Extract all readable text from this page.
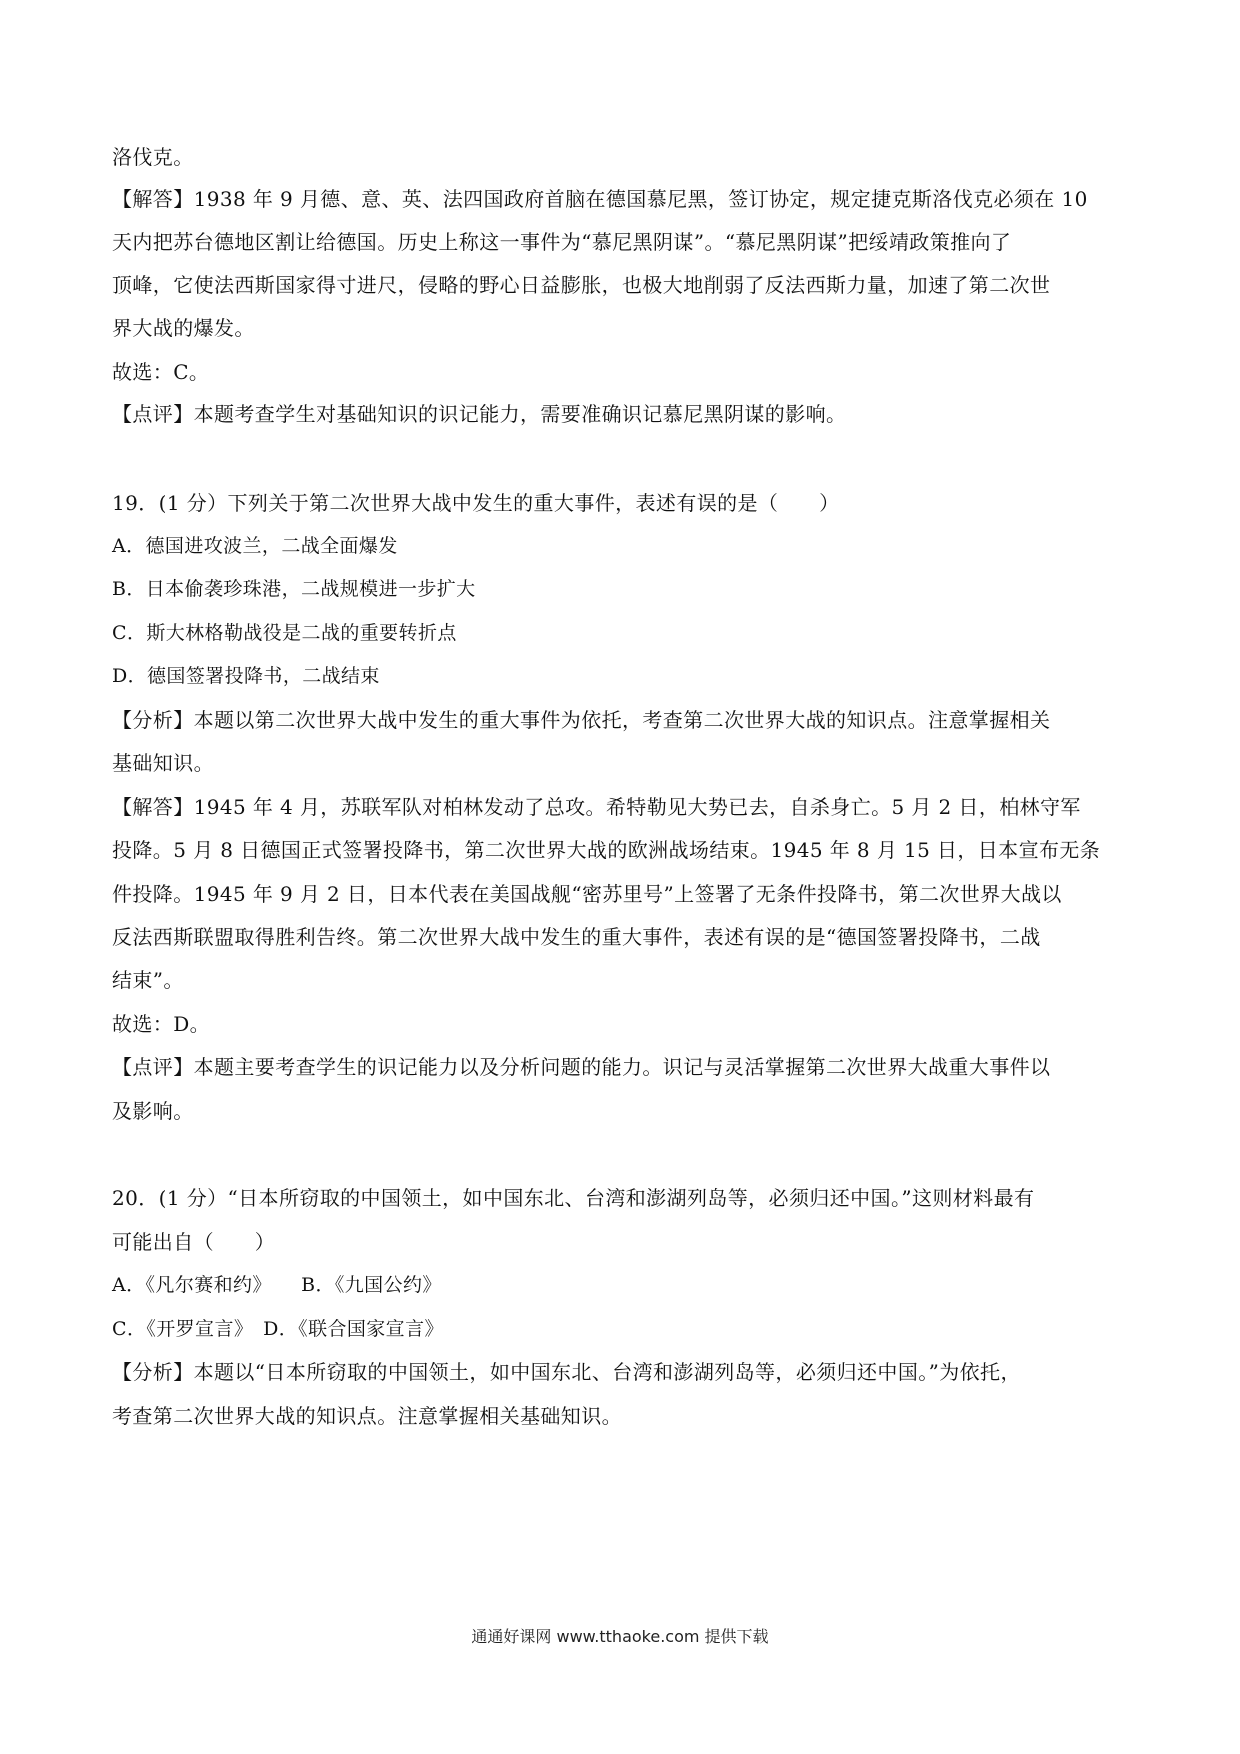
洛伐克。
【解答】1938 年 9 月德、意、英、法四国政府首脑在德国慕尼黑，签订协定，规定捷克斯洛伐克必须在 10
天内把苏台德地区割让给德国。历史上称这一事件为“慕尼黑阴谋”。“慕尼黑阴谋”把绥靖政策推向了
顶峰，它使法西斯国家得寸进尺，侵略的野心日益膨胀，也极大地削弱了反法西斯力量，加速了第二次世
界大战的爆发。
故选：C。
【点评】本题考查学生对基础知识的识记能力，需要准确识记慕尼黑阴谋的影响。
19．(1 分）下列关于第二次世界大战中发生的重大事件，表述有误的是（　　）
A．德国进攻波兰，二战全面爆发
B．日本偷袭珍珠港，二战规模进一步扩大
C．斯大林格勒战役是二战的重要转折点
D．德国签署投降书，二战结束
【分析】本题以第二次世界大战中发生的重大事件为依托，考查第二次世界大战的知识点。注意掌握相关
基础知识。
【解答】1945 年 4 月，苏联军队对柏林发动了总攻。希特勒见大势已去，自杀身亡。5 月 2 日，柏林守军
投降。5 月 8 日德国正式签署投降书，第二次世界大战的欧洲战场结束。1945 年 8 月 15 日，日本宣布无条
件投降。1945 年 9 月 2 日，日本代表在美国战舰“密苏里号”上签署了无条件投降书，第二次世界大战以
反法西斯联盟取得胜利告终。第二次世界大战中发生的重大事件，表述有误的是“德国签署投降书，二战
结束”。
故选：D。
【点评】本题主要考查学生的识记能力以及分析问题的能力。识记与灵活掌握第二次世界大战重大事件以
及影响。
20．(1 分）“日本所窃取的中国领土，如中国东北、台湾和澎湖列岛等，必须归还中国。”这则材料最有
可能出自（　　）
A．《凡尔赛和约》　　B．《九国公约》
C．《开罗宣言》　D．《联合国家宣言》
【分析】本题以“日本所窃取的中国领土，如中国东北、台湾和澎湖列岛等，必须归还中国。”为依托，
考查第二次世界大战的知识点。注意掌握相关基础知识。
通通好课网 www.tthaoke.com 提供下载
